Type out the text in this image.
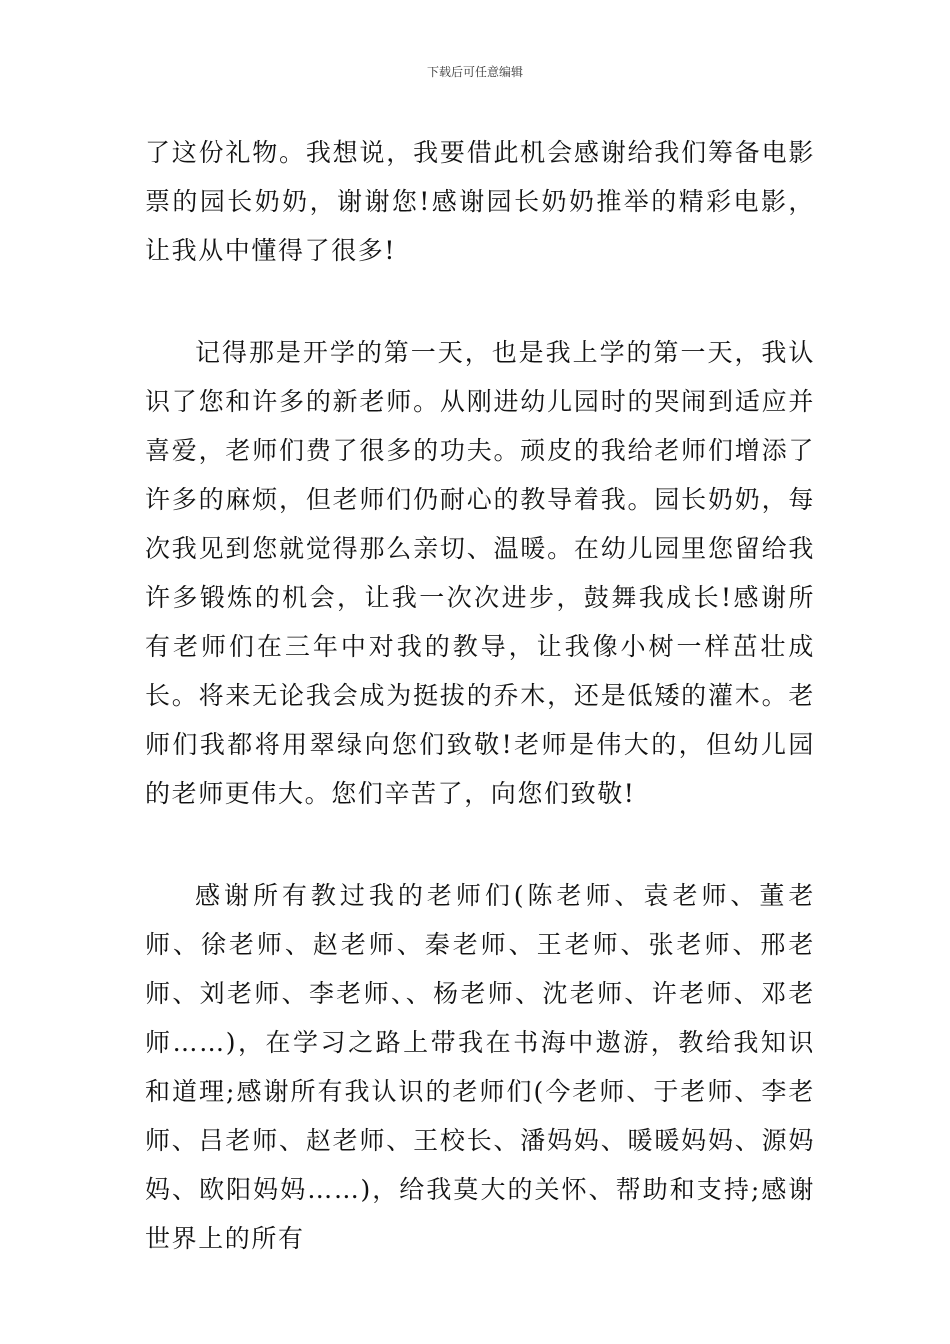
下载后可任意编辑

了这份礼物。我想说，我要借此机会感谢给我们筹备电影票的园长奶奶，谢谢您!感谢园长奶奶推举的精彩电影，让我从中懂得了很多!

记得那是开学的第一天，也是我上学的第一天，我认识了您和许多的新老师。从刚进幼儿园时的哭闹到适应并喜爱，老师们费了很多的功夫。顽皮的我给老师们增添了许多的麻烦，但老师们仍耐心的教导着我。园长奶奶，每次我见到您就觉得那么亲切、温暖。在幼儿园里您留给我许多锻炼的机会，让我一次次进步，鼓舞我成长!感谢所有老师们在三年中对我的教导，让我像小树一样茁壮成长。将来无论我会成为挺拔的乔木，还是低矮的灌木。老师们我都将用翠绿向您们致敬!老师是伟大的，但幼儿园的老师更伟大。您们辛苦了，向您们致敬!

感谢所有教过我的老师们(陈老师、袁老师、董老师、徐老师、赵老师、秦老师、王老师、张老师、邢老师、刘老师、李老师、、杨老师、沈老师、许老师、邓老师……)，在学习之路上带我在书海中遨游，教给我知识和道理;感谢所有我认识的老师们(今老师、于老师、李老师、吕老师、赵老师、王校长、潘妈妈、暖暖妈妈、源妈妈、欧阳妈妈……)，给我莫大的关怀、帮助和支持;感谢世界上的所有
